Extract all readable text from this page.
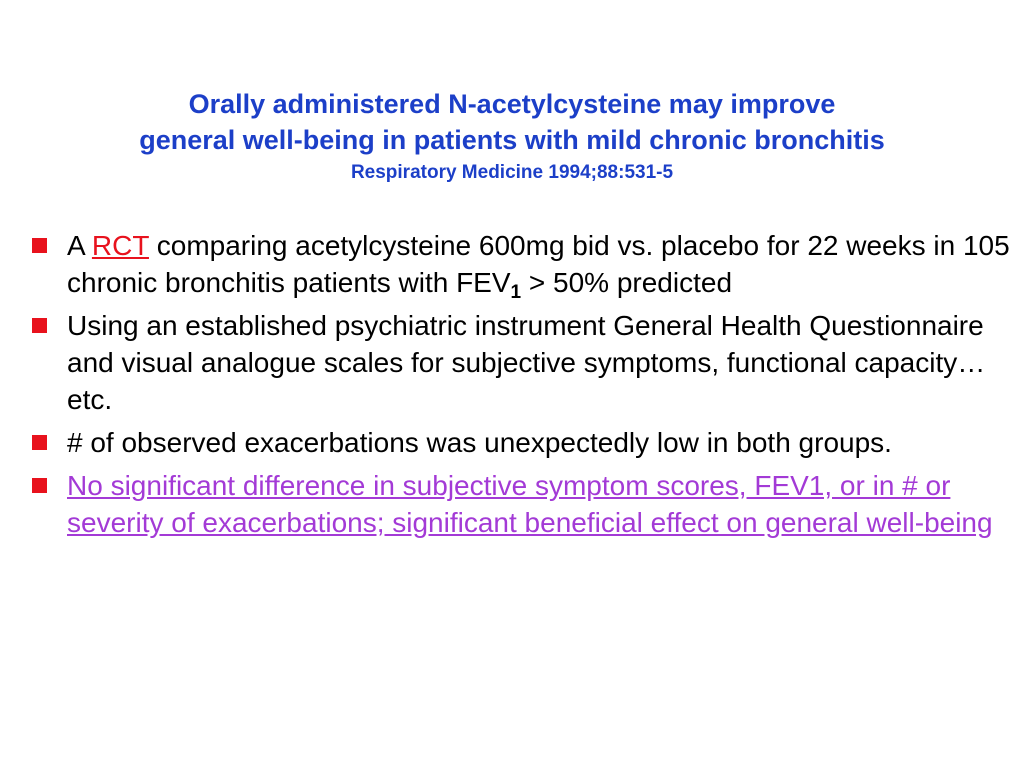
Orally administered N-acetylcysteine may improve
general well-being in patients with mild chronic bronchitis
Respiratory Medicine 1994;88:531-5
A RCT comparing acetylcysteine 600mg bid vs. placebo for 22 weeks in 105 chronic bronchitis patients with $FEV_1 > 50\%$ predicted
Using an established psychiatric instrument General Health Questionnaire and visual analogue scales for subjective symptoms, functional capacity…etc.
# of observed exacerbations was unexpectedly low in both groups.
No significant difference in subjective symptom scores, FEV1, or in # or severity of exacerbations; significant beneficial effect on general well-being
